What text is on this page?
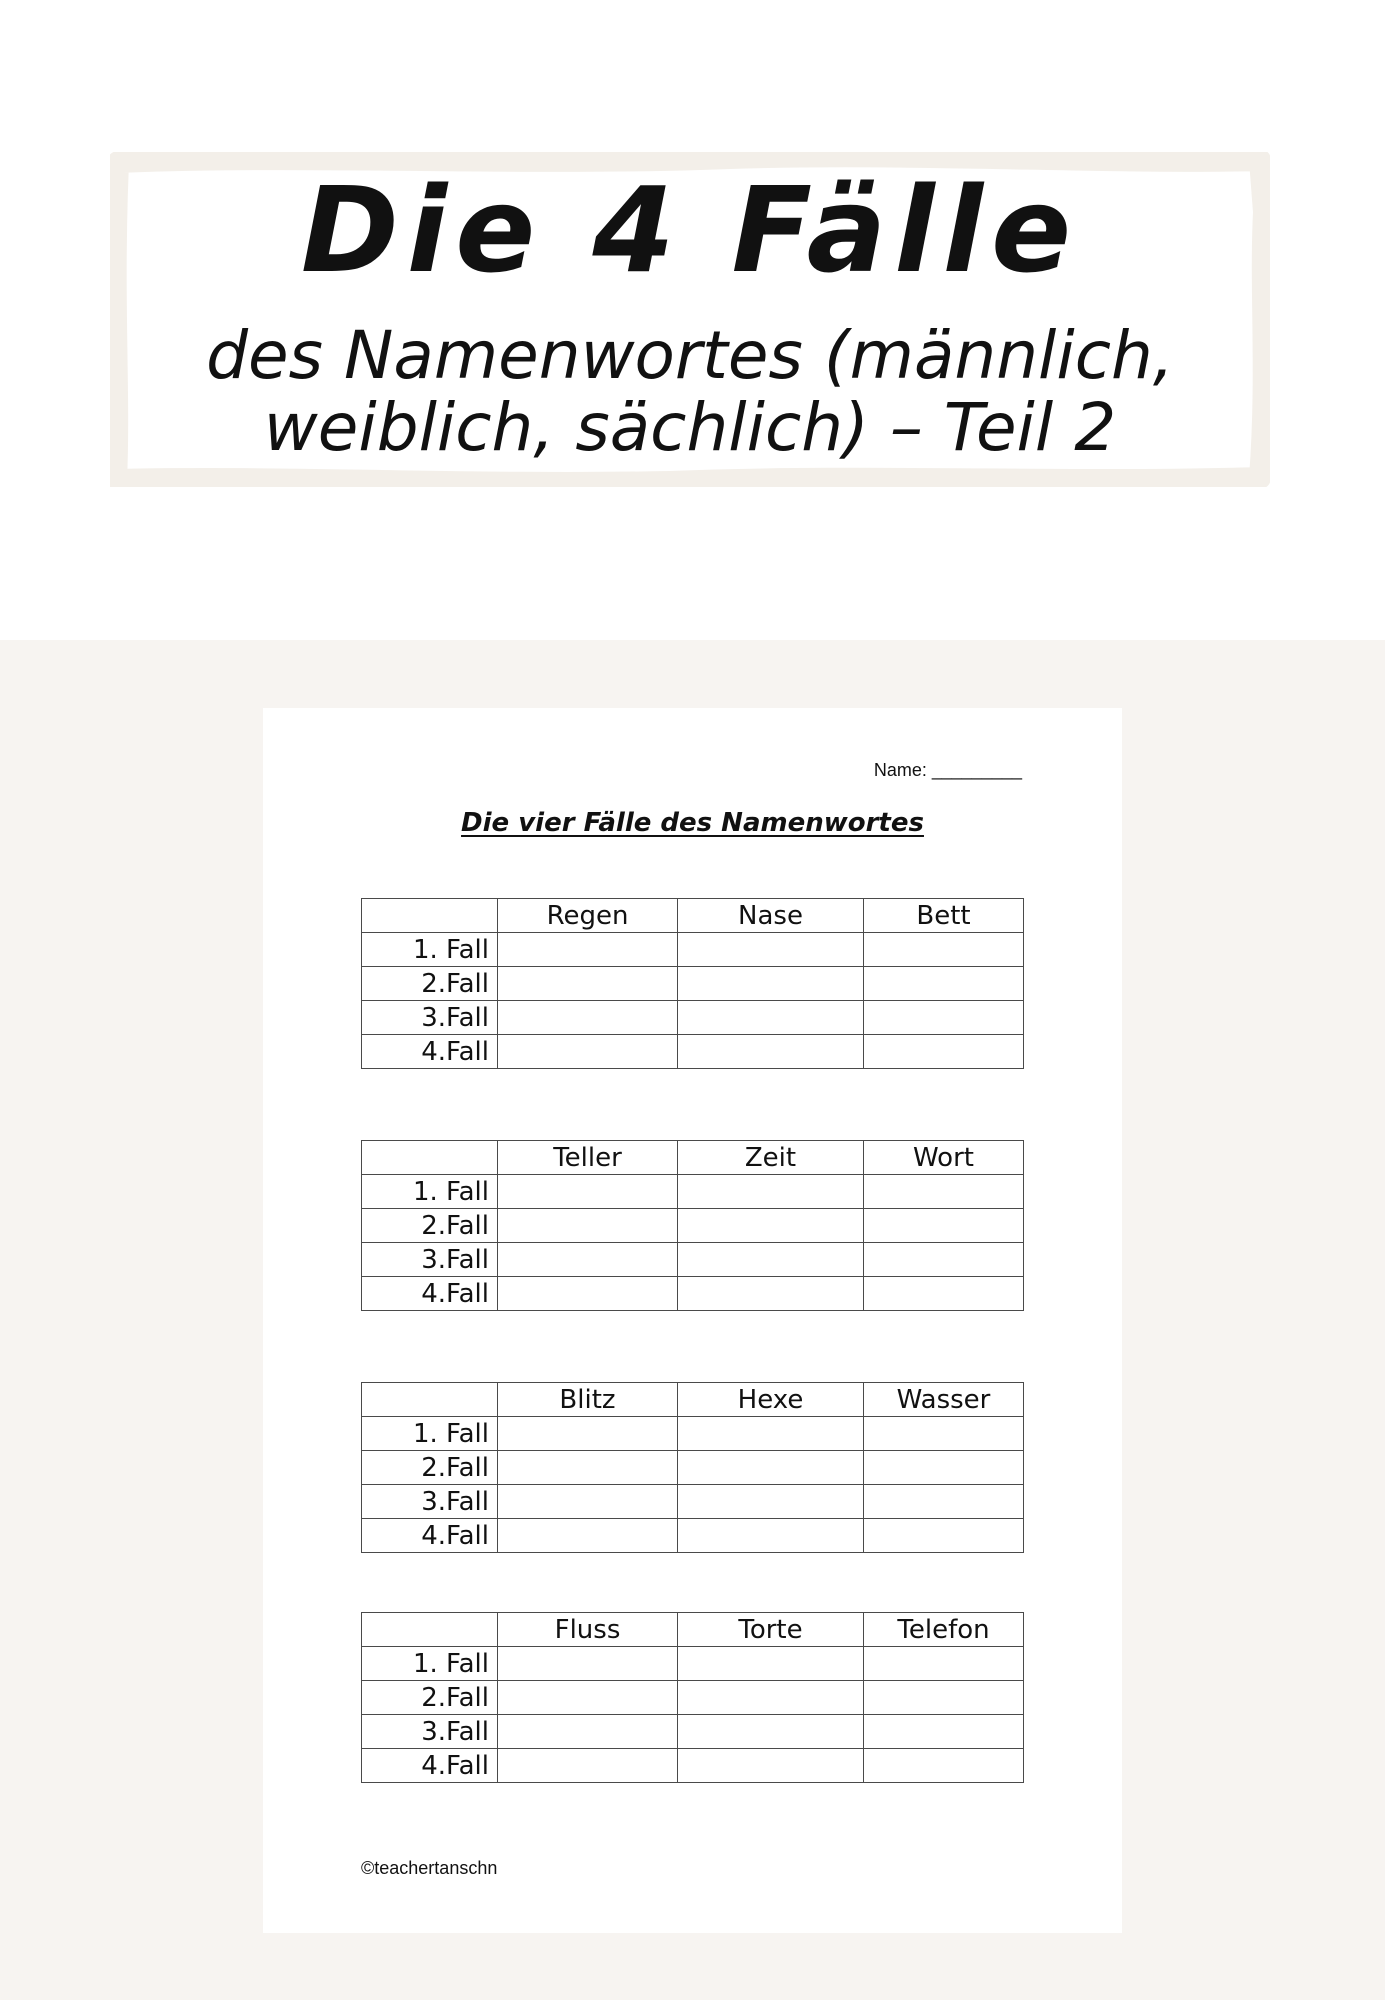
Die 4 Fälle
des Namenwortes (männlich,
weiblich, sächlich) – Teil 2
Name: _________
Die vier Fälle des Namenwortes
	Regen	Nase	Bett
1. Fall			
2.Fall			
3.Fall			
4.Fall			
	Teller	Zeit	Wort
1. Fall			
2.Fall			
3.Fall			
4.Fall			
	Blitz	Hexe	Wasser
1. Fall			
2.Fall			
3.Fall			
4.Fall			
	Fluss	Torte	Telefon
1. Fall			
2.Fall			
3.Fall			
4.Fall			
©teachertanschn
